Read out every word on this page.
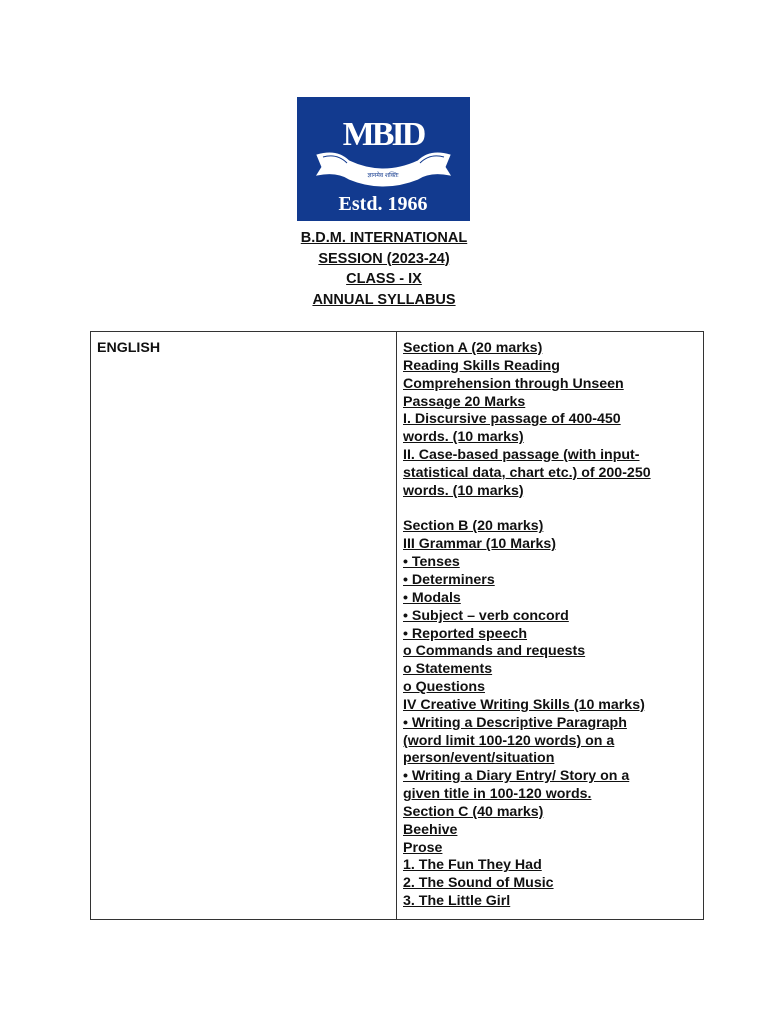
MBID
ज्ञानमेव शक्तिः
Estd. 1966
B.D.M. INTERNATIONAL
SESSION (2023-24)
CLASS - IX
ANNUAL SYLLABUS
ENGLISH	Section A (20 marks)
Reading Skills Reading
Comprehension through Unseen
Passage 20 Marks
I. Discursive passage of 400-450
words. (10 marks)
II. Case-based passage (with input-
statistical data, chart etc.) of 200-250
words. (10 marks)
Section B (20 marks)
III Grammar (10 Marks)
• Tenses
• Determiners
• Modals
• Subject – verb concord
• Reported speech
o Commands and requests
o Statements
o Questions
IV Creative Writing Skills (10 marks)
• Writing a Descriptive Paragraph
(word limit 100-120 words) on a
person/event/situation
• Writing a Diary Entry/ Story on a
given title in 100-120 words.
Section C (40 marks)
Beehive
Prose
1. The Fun They Had
2. The Sound of Music
3. The Little Girl
